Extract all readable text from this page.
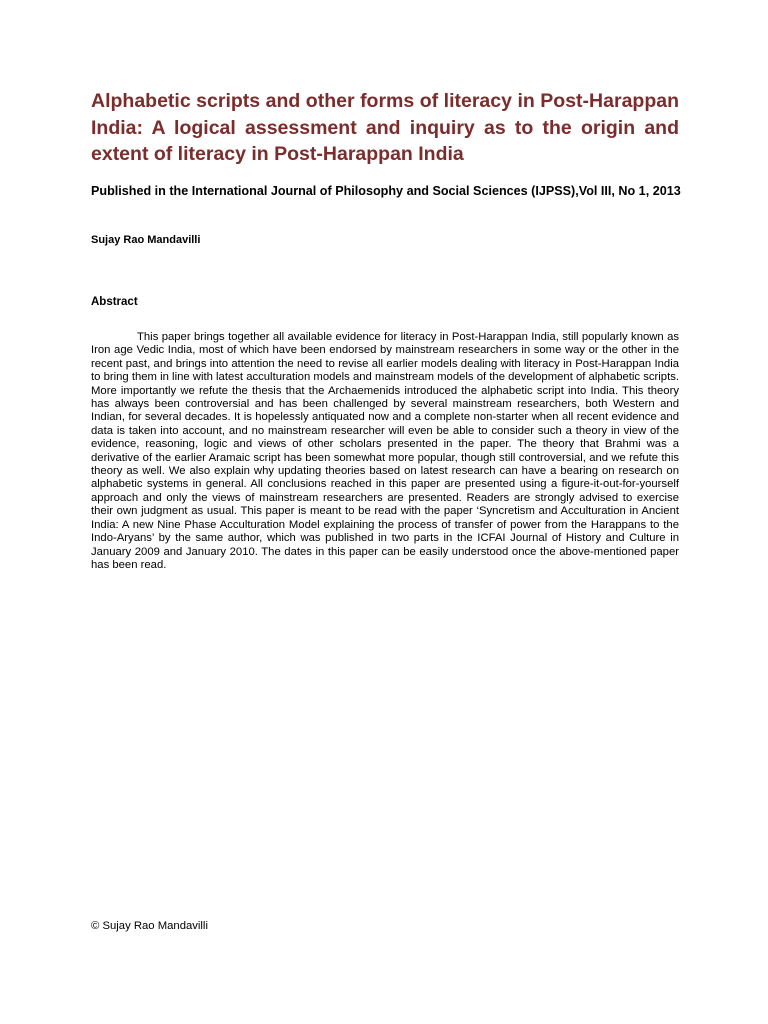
Alphabetic scripts and other forms of literacy in Post-Harappan India: A logical assessment and inquiry as to the origin and extent of literacy in Post-Harappan India

Published in the International Journal of Philosophy and Social Sciences (IJPSS),Vol III, No 1, 2013

Sujay Rao Mandavilli

Abstract

This paper brings together all available evidence for literacy in Post-Harappan India, still popularly known as Iron age Vedic India, most of which have been endorsed by mainstream researchers in some way or the other in the recent past, and brings into attention the need to revise all earlier models dealing with literacy in Post-Harappan India to bring them in line with latest acculturation models and mainstream models of the development of alphabetic scripts. More importantly we refute the thesis that the Archaemenids introduced the alphabetic script into India. This theory has always been controversial and has been challenged by several mainstream researchers, both Western and Indian, for several decades. It is hopelessly antiquated now and a complete non-starter when all recent evidence and data is taken into account, and no mainstream researcher will even be able to consider such a theory in view of the evidence, reasoning, logic and views of other scholars presented in the paper. The theory that Brahmi was a derivative of the earlier Aramaic script has been somewhat more popular, though still controversial, and we refute this theory as well. We also explain why updating theories based on latest research can have a bearing on research on alphabetic systems in general. All conclusions reached in this paper are presented using a figure-it-out-for-yourself approach and only the views of mainstream researchers are presented. Readers are strongly advised to exercise their own judgment as usual. This paper is meant to be read with the paper ‘Syncretism and Acculturation in Ancient India: A new Nine Phase Acculturation Model explaining the process of transfer of power from the Harappans to the Indo-Aryans’ by the same author, which was published in two parts in the ICFAI Journal of History and Culture in January 2009 and January 2010. The dates in this paper can be easily understood once the above-mentioned paper has been read.

© Sujay Rao Mandavilli
